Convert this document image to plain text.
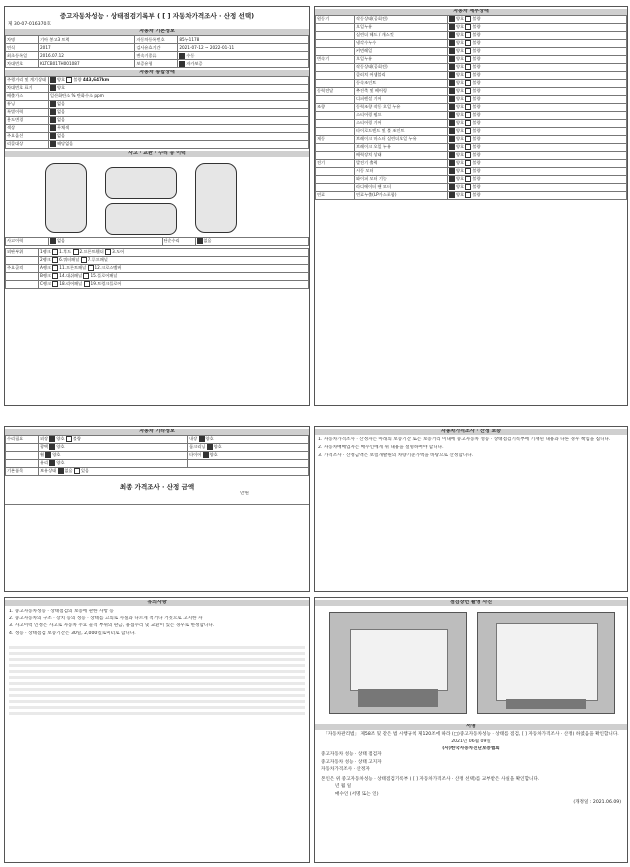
중고자동차성능 · 상태점검기록부 ( [ ] 자동차가격조사 · 산정 선택)
제 30-07-016370호
자동차 기본정보
차명	기아 봉고3 트럭	자동차등록번호	85누1178
연식	2017	검사유효기간	2021-07-12 ~ 2022-01-11
최초등록일	2016.07.12	변속기종류	수동
차대번호	KLTCB01TH001087	보증유형	자가보증
자동차 종합상태
주행거리 및 계기상태	양호 불량 443,647km
차대번호 표기	양호
배출가스	일산화탄소 % 탄화수소 ppm
튜닝	없음
특별이력	없음
용도변경	없음
색상	무채색
주요옵션	없음
리콜대상	해당없음
사고 · 교환 · 수리 등 이력
사고이력	없음	단순수리	없음
외판부위	1랭크 1.후드 2.프론트휀더 3.도어
	2랭크 6.쿼터패널 7.루프패널
주요골격	A랭크 11.프론트패널 12.크로스멤버
	B랭크 14.대쉬패널 15.플로어패널
	C랭크 18.리어패널 19.트렁크플로어
자동차 세부상태
원동기	작동상태(공회전)	양호 불량
	오일누유	양호 불량
	실린더 헤드 / 개스킷	양호 불량
	냉각수누수	양호 불량
	커먼레일	양호 불량
변속기	오일누유	양호 불량
	작동상태(공회전)	양호 불량
	클러치 어셈블리	양호 불량
	등속조인트	양호 불량
동력전달	추진축 및 베어링	양호 불량
	디퍼렌셜 기어	양호 불량
조향	동력조향 작동 오일 누유	양호 불량
	스티어링 펌프	양호 불량
	스티어링 기어	양호 불량
	타이로드엔드 및 볼 조인트	양호 불량
제동	브레이크 마스터 실린더오일 누유	양호 불량
	브레이크 오일 누유	양호 불량
	배력장치 상태	양호 불량
전기	발전기 출력	양호 불량
	시동 모터	양호 불량
	와이퍼 모터 기능	양호 불량
	라디에이터 팬 모터	양호 불량
연료	연료누출(LP가스포함)	양호 불량
자동차 기타정보
수리필요	외장 양호 불량	내장 양호
	광택 양호	룸크리닝 양호
	휠 양호	타이어 양호
	유리 양호	
기본품목	보유상태 없음 있음	
최종 가격조사 · 산정 금액
만원
자동차가격조사 · 산정 보증
1. 자동차가격조사 · 산정자는 아래의 보증기간 또는 보증거리 이내에 중고자동차 성능 · 상태점검기록부에 기재된 내용과 다른 경우 책임을 집니다.
2. 자동차매매업자는 매수인에게 위 내용을 설명하여야 합니다.
3. 가격조사 · 산정금액은 보험개발원의 차량기준가액을 바탕으로 산정합니다.
유의사항
1. 중고자동차성능 · 상태점검의 보증에 관한 사항 등
2. 중고자동차의 구조 · 장치 등의 성능 · 상태를 고의로 사실과 다르게 적거나 거짓으로 고지한 자
3. 사고이력 인정은 사고로 자동차 주요 골격 부위의 판금, 용접수리 및 교환이 있는 경우로 한정합니다.
4. 성능 · 상태점검 보증기간은 30일, 2,000킬로미터로 합니다.
점검장면 촬영 사진
서명
「자동차관리법」 제58조 및 같은 법 시행규칙 제120조에 따라 (□)중고자동차성능 · 상태를 점검, [ ] 자동차가격조사 · 산정) 하였음을 확인합니다.
2021년 06월 09일
(사)한국자동차진단보증협회
중고자동차 성능 · 상태 점검자
중고자동차 성능 · 상태 고지자
자동차가격조사 · 산정자
본인은 위 중고자동차성능 · 상태점검기록부 ( [ ] 자동차가격조사 · 산정 선택)를 교부받은 사실을 확인합니다.
년 월 일
매수인 (서명 또는 인)
(개정일 : 2021.06.09)
